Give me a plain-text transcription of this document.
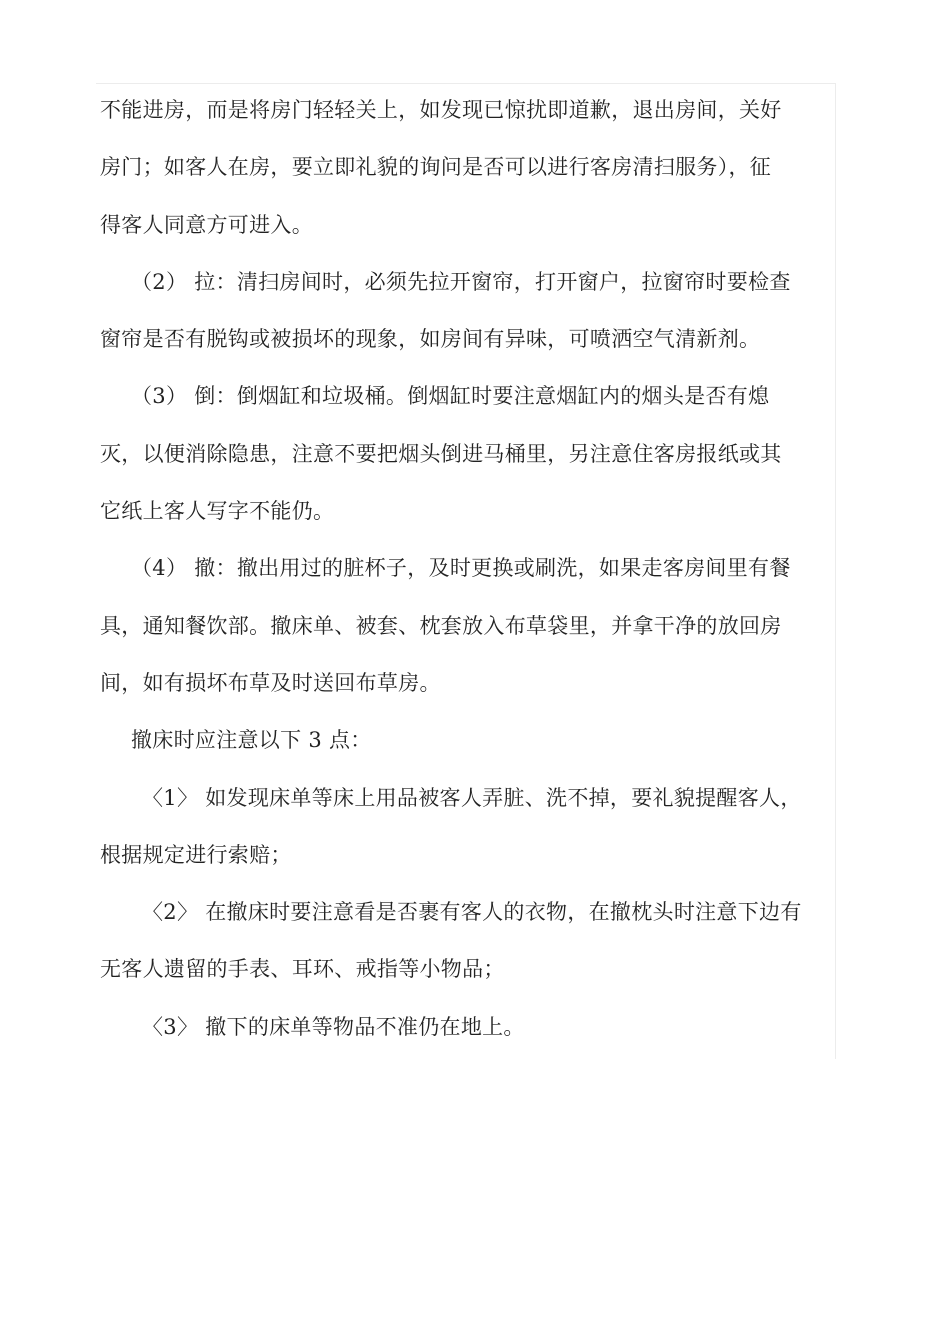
不能进房，而是将房门轻轻关上，如发现已惊扰即道歉，退出房间，关好
房门；如客人在房，要立即礼貌的询问是否可以进行客房清扫服务），征
得客人同意方可进入。
（2） 拉：清扫房间时，必须先拉开窗帘，打开窗户，拉窗帘时要检查
窗帘是否有脱钩或被损坏的现象，如房间有异味，可喷洒空气清新剂。
（3） 倒：倒烟缸和垃圾桶。倒烟缸时要注意烟缸内的烟头是否有熄
灭，以便消除隐患，注意不要把烟头倒进马桶里，另注意住客房报纸或其
它纸上客人写字不能仍。
（4） 撤：撤出用过的脏杯子，及时更换或刷洗，如果走客房间里有餐
具，通知餐饮部。撤床单、被套、枕套放入布草袋里，并拿干净的放回房
间，如有损坏布草及时送回布草房。
撤床时应注意以下 3 点：
〈1〉 如发现床单等床上用品被客人弄脏、洗不掉，要礼貌提醒客人，
根据规定进行索赔；
〈2〉 在撤床时要注意看是否裹有客人的衣物，在撤枕头时注意下边有
无客人遗留的手表、耳环、戒指等小物品；
〈3〉 撤下的床单等物品不准仍在地上。
